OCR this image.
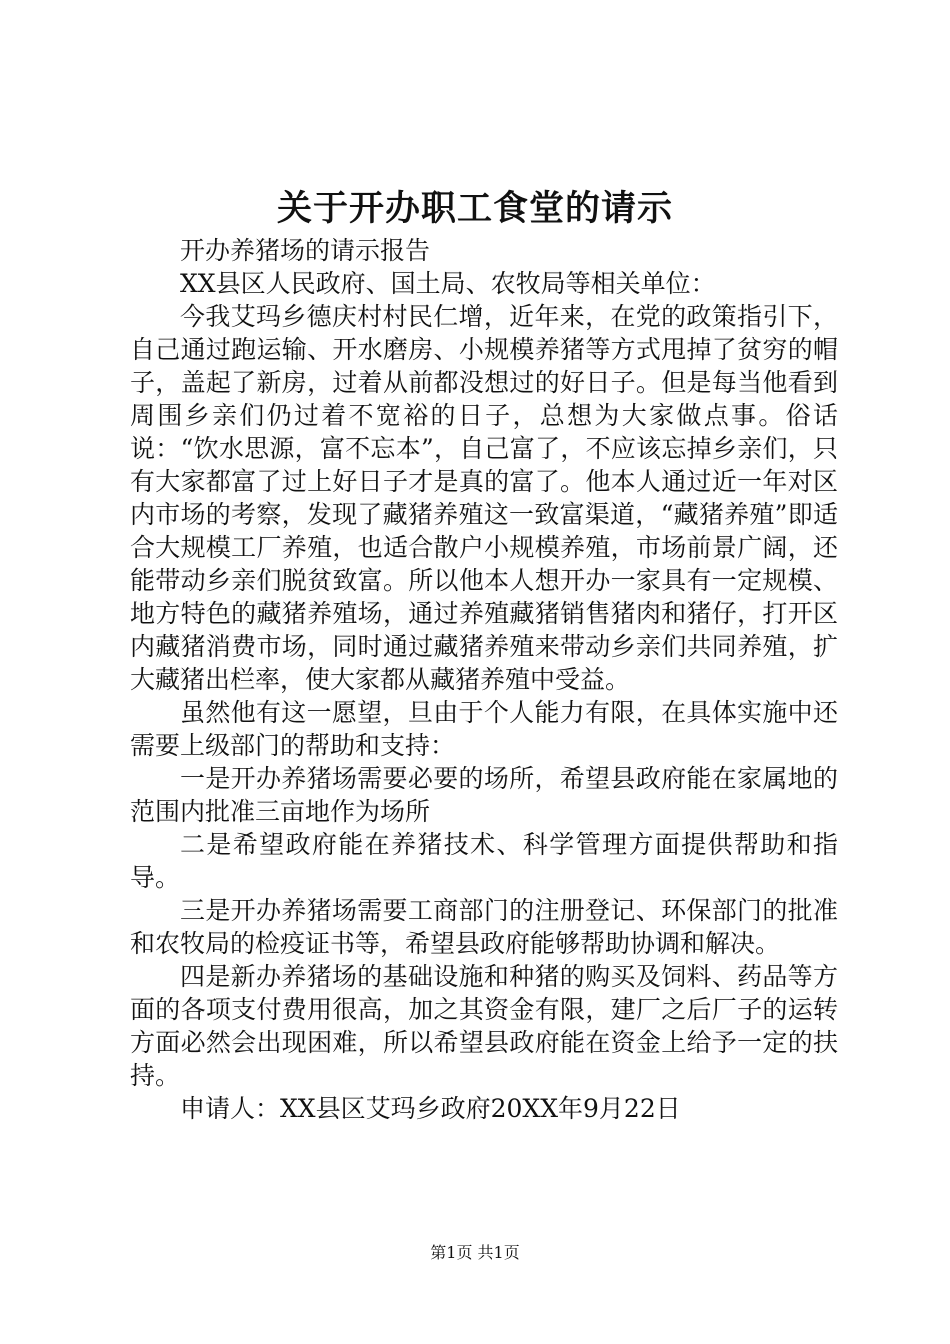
关于开办职工食堂的请示

开办养猪场的请示报告

XX县区人民政府、国土局、农牧局等相关单位：

今我艾玛乡德庆村村民仁增，近年来，在党的政策指引下，自己通过跑运输、开水磨房、小规模养猪等方式甩掉了贫穷的帽子，盖起了新房，过着从前都没想过的好日子。但是每当他看到周围乡亲们仍过着不宽裕的日子，总想为大家做点事。俗话说：“饮水思源，富不忘本”，自己富了，不应该忘掉乡亲们，只有大家都富了过上好日子才是真的富了。他本人通过近一年对区内市场的考察，发现了藏猪养殖这一致富渠道，“藏猪养殖”即适合大规模工厂养殖，也适合散户小规模养殖，市场前景广阔，还能带动乡亲们脱贫致富。所以他本人想开办一家具有一定规模、地方特色的藏猪养殖场，通过养殖藏猪销售猪肉和猪仔，打开区内藏猪消费市场，同时通过藏猪养殖来带动乡亲们共同养殖，扩大藏猪出栏率，使大家都从藏猪养殖中受益。

虽然他有这一愿望，旦由于个人能力有限，在具体实施中还需要上级部门的帮助和支持：

一是开办养猪场需要必要的场所，希望县政府能在家属地的范围内批准三亩地作为场所

二是希望政府能在养猪技术、科学管理方面提供帮助和指导。

三是开办养猪场需要工商部门的注册登记、环保部门的批准和农牧局的检疫证书等，希望县政府能够帮助协调和解决。

四是新办养猪场的基础设施和种猪的购买及饲料、药品等方面的各项支付费用很高，加之其资金有限，建厂之后厂子的运转方面必然会出现困难，所以希望县政府能在资金上给予一定的扶持。

申请人：XX县区艾玛乡政府20XX年9月22日

第1页 共1页
